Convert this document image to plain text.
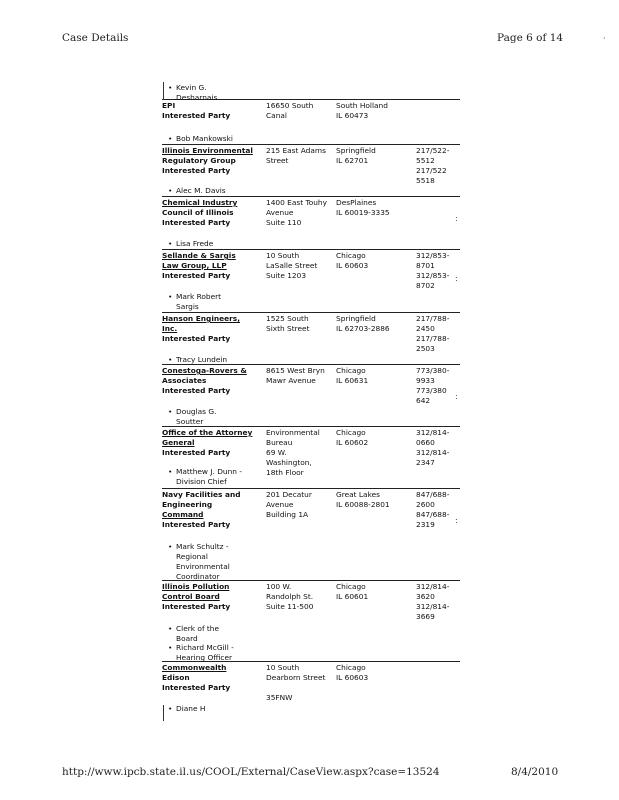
Case Details	Page 6 of 14
EPI
Interested Party
16650 South
Canal
South Holland
IL 60473
Illinois Environmental
Regulatory Group
Interested Party
215 East Adams
Street
Springfield
IL 62701
217/522-
5512
217/522
5518
Chemical Industry
Council of Illinois
Interested Party
1400 East Touhy
Avenue
Suite 110
DesPlaines
IL 60019-3335
Sellande & Sargis
Law Group, LLP
Interested Party
10 South
LaSalle Street
Suite 1203
Chicago
IL 60603
312/853-
8701
312/853-
8702
Hanson Engineers,
Inc.
Interested Party
1525 South
Sixth Street
Springfield
IL 62703-2886
217/788-
2450
217/788-
2503
Conestoga-Rovers &
Associates
Interested Party
8615 West Bryn
Mawr Avenue
Chicago
IL 60631
773/380-
9933
773/380
642
Office of the Attorney
General
Interested Party
Environmental
Bureau
69 W.
Washington,
18th Floor
Chicago
IL 60602
312/814-
0660
312/814-
2347
Navy Facilities and
Engineering
Command
Interested Party
201 Decatur
Avenue
Building 1A
Great Lakes
IL 60088-2801
847/688-
2600
847/688-
2319
Illinois Pollution
Control Board
Interested Party
100 W.
Randolph St.
Suite 11-500
Chicago
IL 60601
312/814-
3620
312/814-
3669
Commonwealth
Edison
Interested Party
10 South
Dearborn Street

35FNW
Chicago
IL 60603
• Kevin G.
Desharnais
• Bob Mankowski
• Alec M. Davis
• Lisa Frede
• Mark Robert
Sargis
• Tracy Lundein
• Douglas G.
Soutter
• Matthew J. Dunn -
Division Chief
• Mark Schultz -
Regional
Environmental
Coordinator
• Clerk of the
Board
• Richard McGill -
Hearing Officer
• Diane H
:
:
:
:
·
http://www.ipcb.state.il.us/COOL/External/CaseView.aspx?case=13524	8/4/2010
